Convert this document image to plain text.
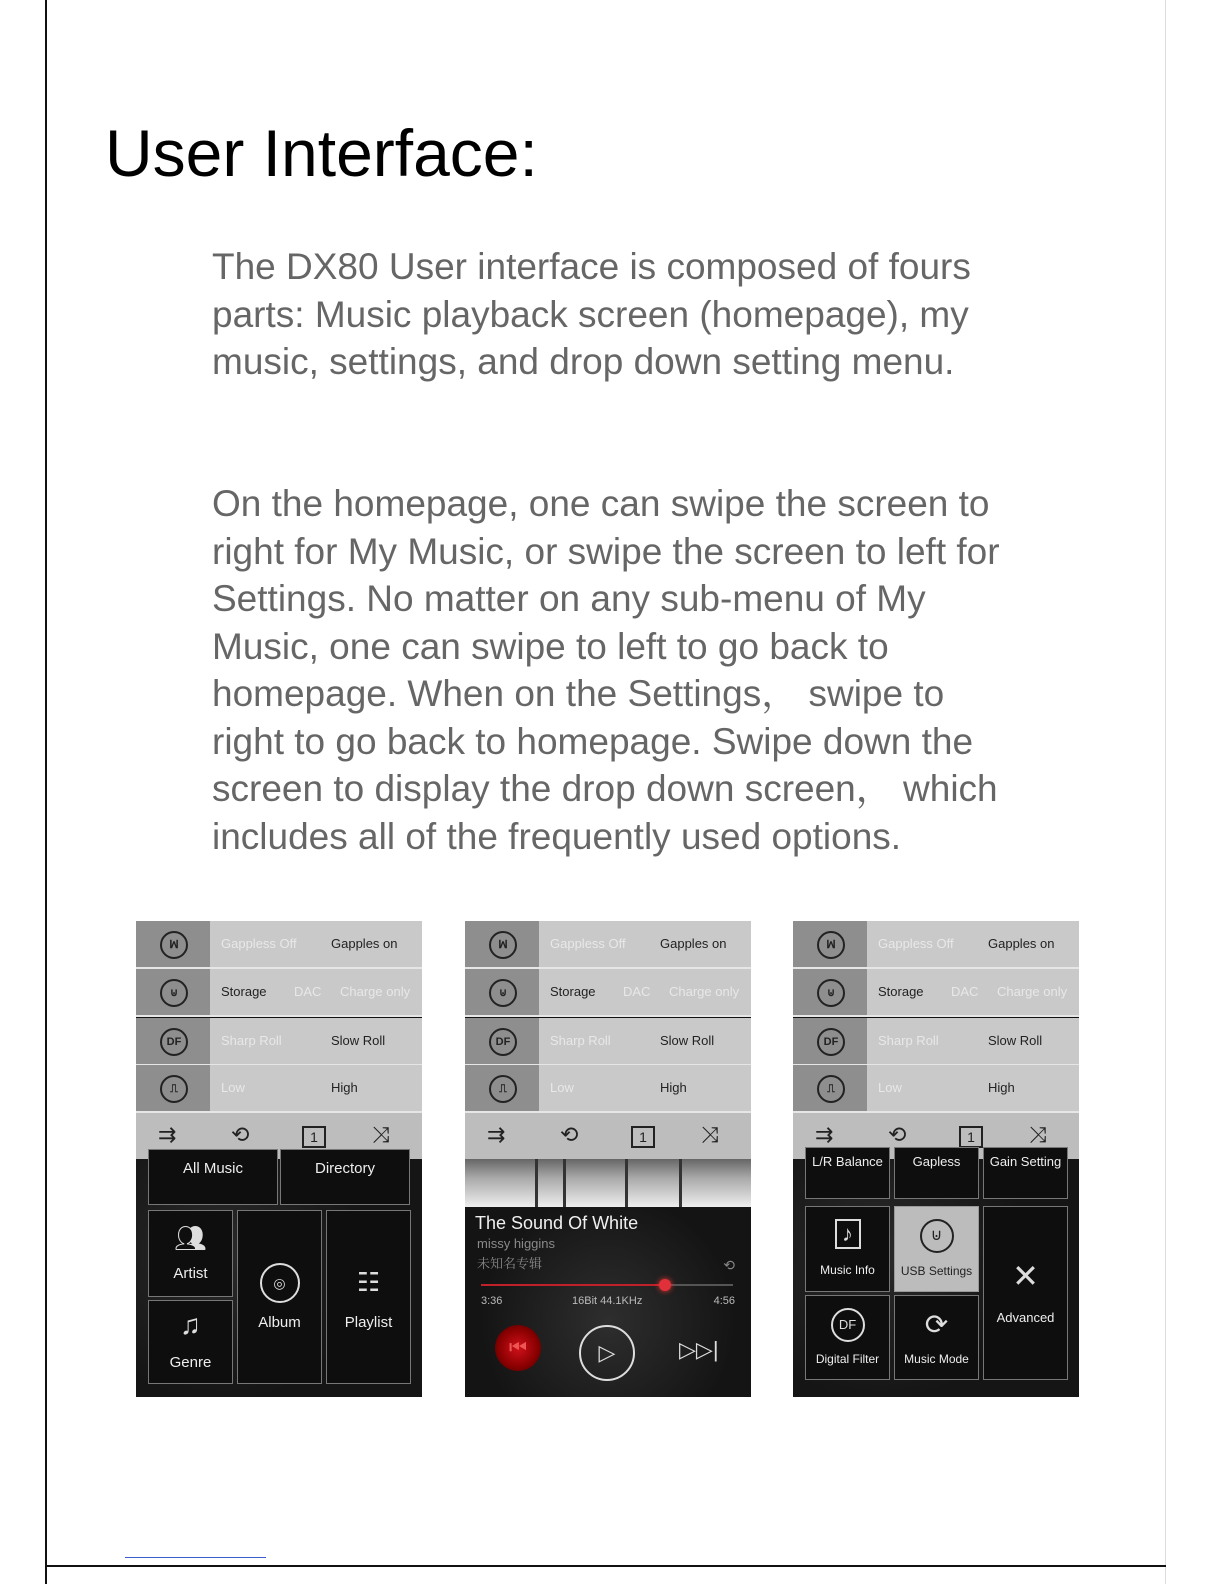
User Interface:

The DX80 User interface is composed of fours parts: Music playback screen (homepage), my music, settings, and drop down setting menu.

On the homepage, one can swipe the screen to right for My Music, or swipe the screen to left for Settings. No matter on any sub-menu of My Music, one can swipe to left to go back to homepage. When on the Settings， swipe to right to go back to homepage. Swipe down the screen to display the drop down screen， which includes all of the frequently used options.

ꟽ	Gappless Off	Gapples on
⊍	Storage DAC Charge only
DF	Sharp Roll	Slow Roll
⎍	Low	High
⇉ ⟲	1	⤨
All Music	Directory
👥︎
Artist
◎
Album
☷
Playlist
♫
Genre
ꟽ	Gappless Off	Gapples on
⊍	Storage DAC Charge only
DF	Sharp Roll	Slow Roll
⎍	Low	High
⇉ ⟲	1	⤨
The Sound Of White
missy higgins
未知名专辑	⟲
3:36	16Bit 44.1KHz	4:56
⏮︎	▷	▷▷|
ꟽ	Gappless Off	Gapples on
⊍	Storage DAC Charge only
DF	Sharp Roll	Slow Roll
⎍	Low	High
⇉ ⟲	1	⤨
L/R Balance	Gapless	Gain Setting
♪
Music Info
⊍
USB Settings ✕
Advanced
DF
Digital Filter
⟳
Music Mode
